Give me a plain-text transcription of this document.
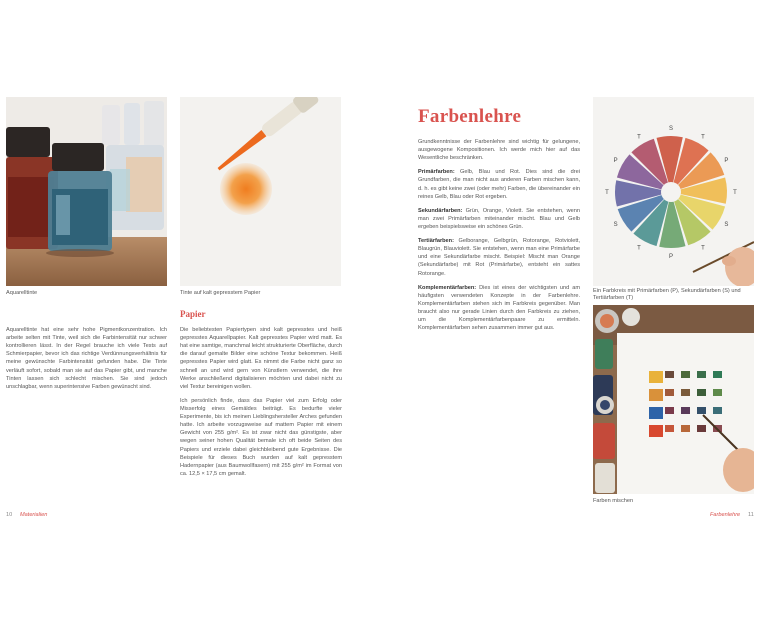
Aquarelltinte	Tinte auf kalt gepresstem Papier

Aquarelltinte hat eine sehr hohe Pigmentkonzentration. Ich arbeite selten mit Tinte, weil sich die Farbintensität nur schwer kontrollieren lässt. In der Regel brauche ich viele Tests auf Schmierpapier, bevor ich das richtige Verdünnungsverhältnis für meine gewünschte Farbintensität gefunden habe. Die Tinte verläuft sofort, sobald man sie auf das Papier gibt, und manche Tinten lassen sich schlecht mischen. Sie sind jedoch unschlagbar, wenn superintensive Farben gewünscht sind.

Papier

Die beliebtesten Papiertypen sind kalt gepresstes und heiß gepresstes Aquarellpapier. Kalt gepresstes Papier wird matt. Es hat eine samtige, manchmal leicht strukturierte Oberfläche, durch die darauf gemalte Bilder eine schöne Textur bekommen. Heiß gepresstes Papier wird glatt. Es nimmt die Farbe nicht ganz so schnell an und wird gern von Künstlern verwendet, die ihre Werke anschließend digitalisieren möchten und dabei nicht zu viel Textur bereinigen wollen.

Ich persönlich finde, dass das Papier viel zum Erfolg oder Misserfolg eines Gemäldes beiträgt. Es bedurfte vieler Experimente, bis ich meinen Lieblingshersteller Arches gefunden hatte. Ich arbeite vorzugsweise auf mattem Papier mit einem Gewicht von 255 g/m². Es ist zwar nicht das günstigste, aber wegen seiner hohen Qualität bemale ich oft beide Seiten des Papiers und erziele dabei gleichbleibend gute Ergebnisse. Die Beispiele für dieses Buch wurden auf kalt gepresstem Hadernpapier (aus Baumwollfasern) mit 255 g/m² im Format von ca. 12,5 × 17,5 cm gemalt.

10 Materialien
Farbenlehre

Grundkenntnisse der Farbenlehre sind wichtig für gelungene, ausgewogene Kompositionen. Ich werde mich hier auf das Wesentliche beschränken.

Primärfarben: Gelb, Blau und Rot. Dies sind die drei Grundfarben, die man nicht aus anderen Farben mischen kann, d. h. es gibt keine zwei (oder mehr) Farben, die übereinander ein reines Gelb, Blau oder Rot ergeben.

Sekundärfarben: Grün, Orange, Violett. Sie entstehen, wenn man zwei Primärfarben miteinander mischt. Blau und Gelb ergeben beispielsweise ein schönes Grün.

Tertiärfarben: Gelborange, Gelbgrün, Rotorange, Rotviolett, Blaugrün, Blauviolett. Sie entstehen, wenn man eine Primärfarbe und eine Sekundärfarbe mischt. Beispiel: Mischt man Orange (Sekundärfarbe) mit Rot (Primärfarbe), entsteht ein sattes Rotorange.

Komplementärfarben: Dies ist eines der wichtigsten und am häufigsten verwendeten Konzepte in der Farbenlehre. Komplementärfarben stehen sich im Farbkreis gegenüber. Man braucht also nur gerade Linien durch den Farbkreis zu ziehen, um die Komplementärfarbenpaare zu ermitteln. Komplementärfarben sehen zusammen immer gut aus.

S
T
P
T
S
T
P
T
S
T
P
T
Ein Farbkreis mit Primärfarben (P), Sekundärfarben (S) und Tertiärfarben (T)
Farben mischen
Farbenlehre 11
